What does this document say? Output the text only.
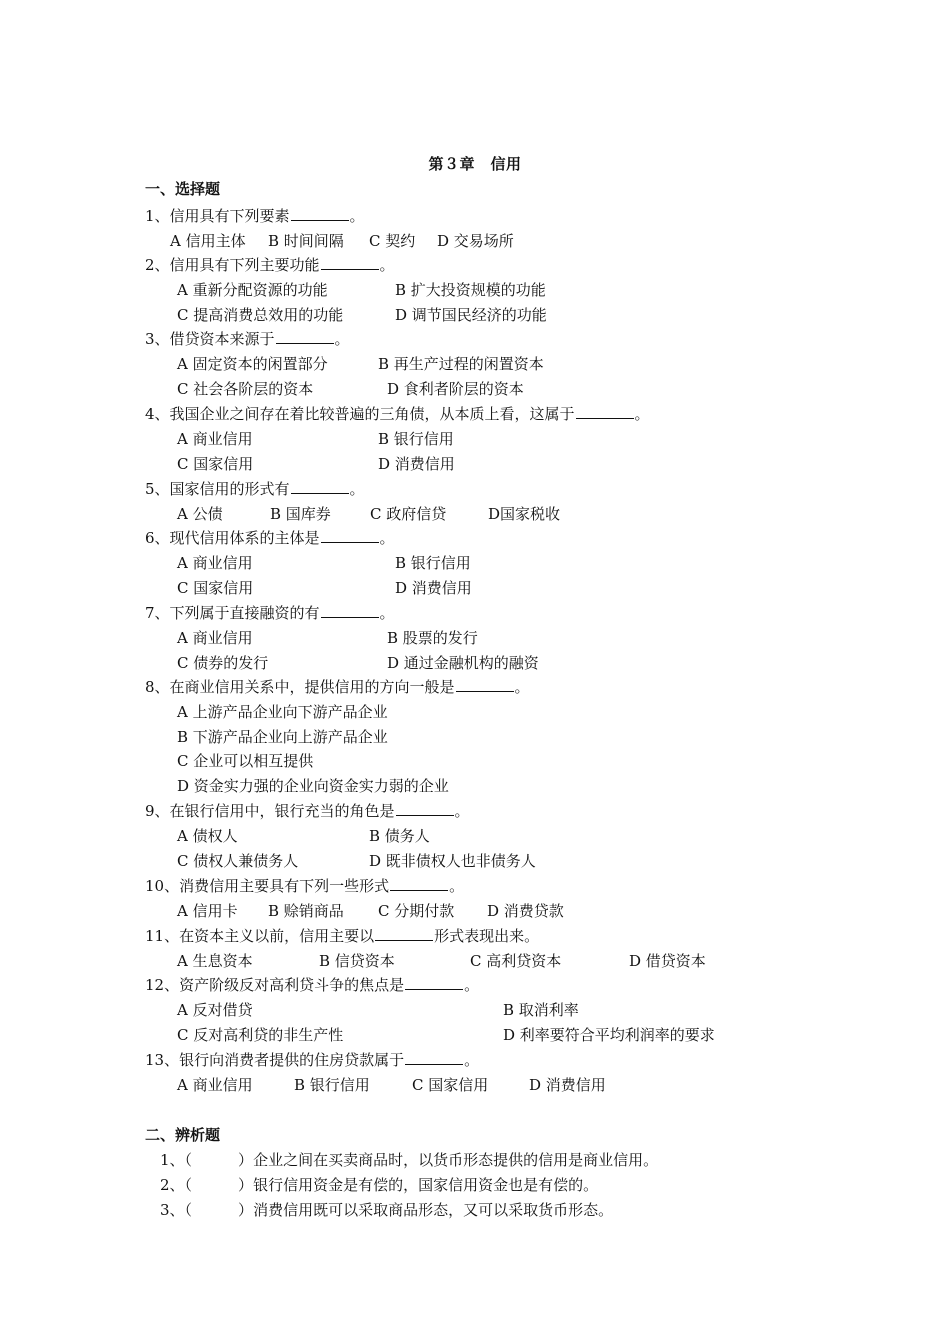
第３章　信用
一、选择题
1、信用具有下列要素	。
A 信用主体 B 时间间隔 C 契约 D 交易场所
2、信用具有下列主要功能	。
A 重新分配资源的功能	B 扩大投资规模的功能
C 提高消费总效用的功能	D 调节国民经济的功能
3、借贷资本来源于	。
A 固定资本的闲置部分	B 再生产过程的闲置资本
C 社会各阶层的资本	D 食利者阶层的资本
4、我国企业之间存在着比较普遍的三角债，从本质上看，这属于	。
A 商业信用	B 银行信用
C 国家信用	D 消费信用
5、国家信用的形式有	。
A 公债	B 国库券	C 政府信贷	D国家税收
6、现代信用体系的主体是	。
A 商业信用	B 银行信用
C 国家信用	D 消费信用
7、下列属于直接融资的有	。
A 商业信用	B 股票的发行
C 债券的发行	D 通过金融机构的融资
8、在商业信用关系中，提供信用的方向一般是	。
A 上游产品企业向下游产品企业
B 下游产品企业向上游产品企业
C 企业可以相互提供
D 资金实力强的企业向资金实力弱的企业
9、在银行信用中，银行充当的角色是	。
A 债权人	B 债务人
C 债权人兼债务人	D 既非债权人也非债务人
10、消费信用主要具有下列一些形式	。
A 信用卡 B 赊销商品 C 分期付款 D 消费贷款
11、在资本主义以前，信用主要以	形式表现出来。
A 生息资本	B 信贷资本	C 高利贷资本	D 借贷资本
12、资产阶级反对高利贷斗争的焦点是	。
A 反对借贷	B 取消利率
C 反对高利贷的非生产性	D 利率要符合平均利润率的要求
13、银行向消费者提供的住房贷款属于	。
A 商业信用	B 银行信用	C 国家信用	D 消费信用
二、辨析题
1、（	）企业之间在买卖商品时，以货币形态提供的信用是商业信用。
2、（	）银行信用资金是有偿的，国家信用资金也是有偿的。
3、（	）消费信用既可以采取商品形态，又可以采取货币形态。
